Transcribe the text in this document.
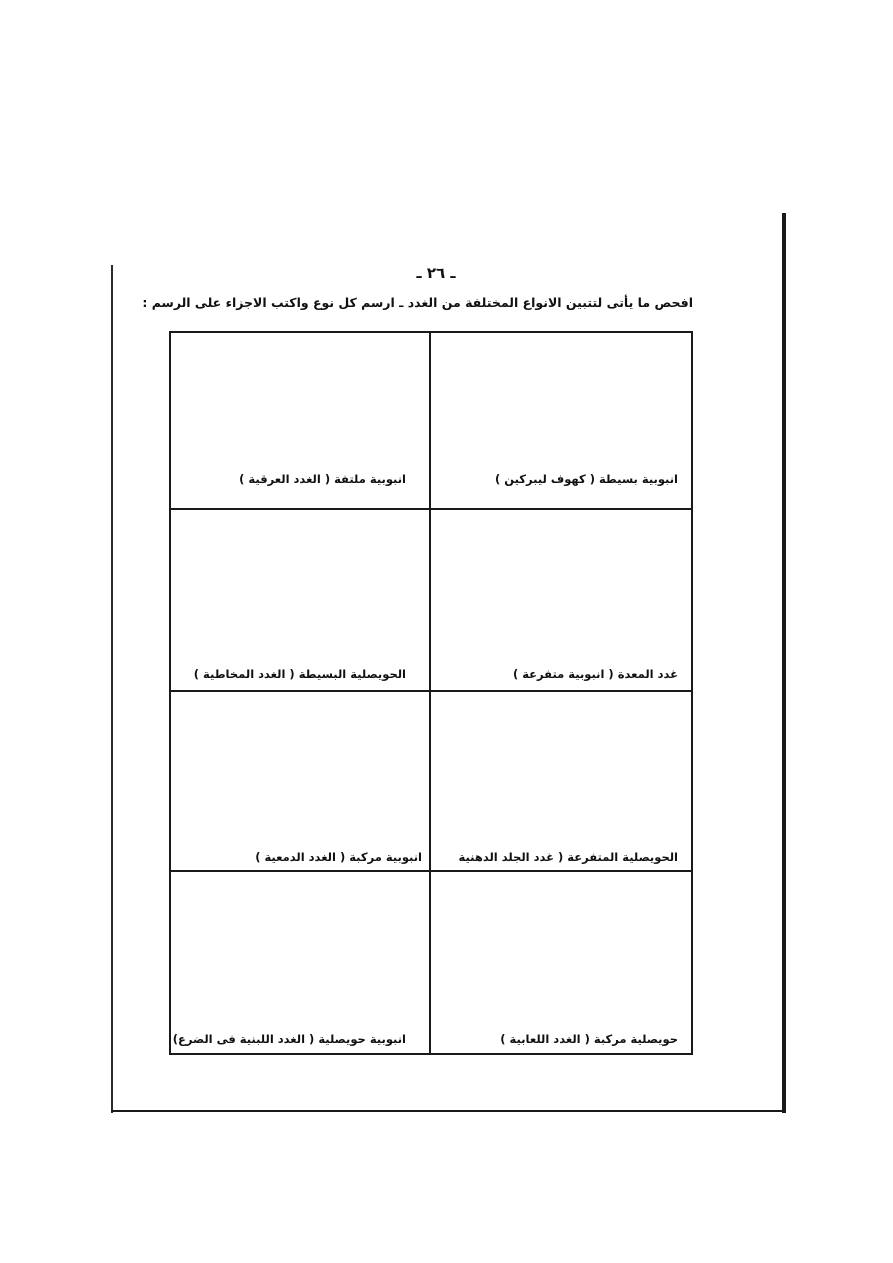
ـ ٢٦ ـ
افحص ما يأتى لتتبين الانواع المختلفة من الغدد ـ ارسم كل نوع واكتب الاجزاء على الرسم :
انبوبية بسيطة ( كهوف ليبركين )
انبوبية ملتفة ( الغدد العرقية )
غدد المعدة ( انبوبية متفرعة )
الحويصلية البسيطة ( الغدد المخاطية )
الحويصلية المتفرعة ( غدد الجلد الدهنية
انبوبية مركبة ( الغدد الدمعية )
حويصلية مركبة ( الغدد اللعابية )
انبوبية حويصلية ( الغدد اللبنية فى الضرع)
